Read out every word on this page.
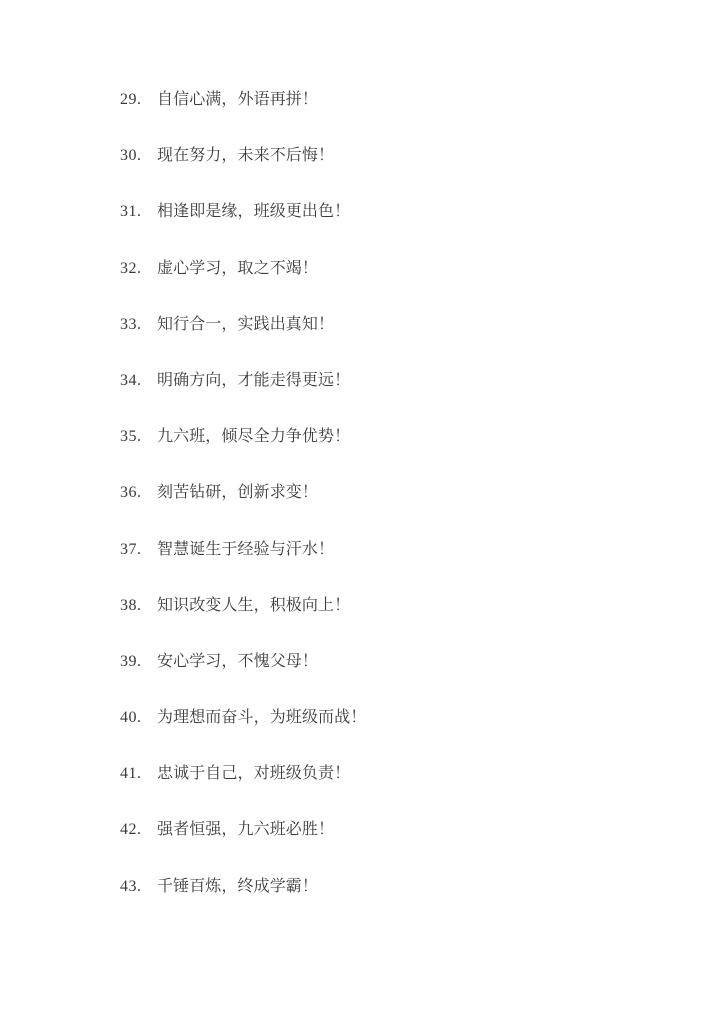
29. 自信心满，外语再拼！
30. 现在努力，未来不后悔！
31. 相逢即是缘，班级更出色！
32. 虚心学习，取之不竭！
33. 知行合一，实践出真知！
34. 明确方向，才能走得更远！
35. 九六班，倾尽全力争优势！
36. 刻苦钻研，创新求变！
37. 智慧诞生于经验与汗水！
38. 知识改变人生，积极向上！
39. 安心学习，不愧父母！
40. 为理想而奋斗，为班级而战！
41. 忠诚于自己，对班级负责！
42. 强者恒强，九六班必胜！
43. 千锤百炼，终成学霸！
